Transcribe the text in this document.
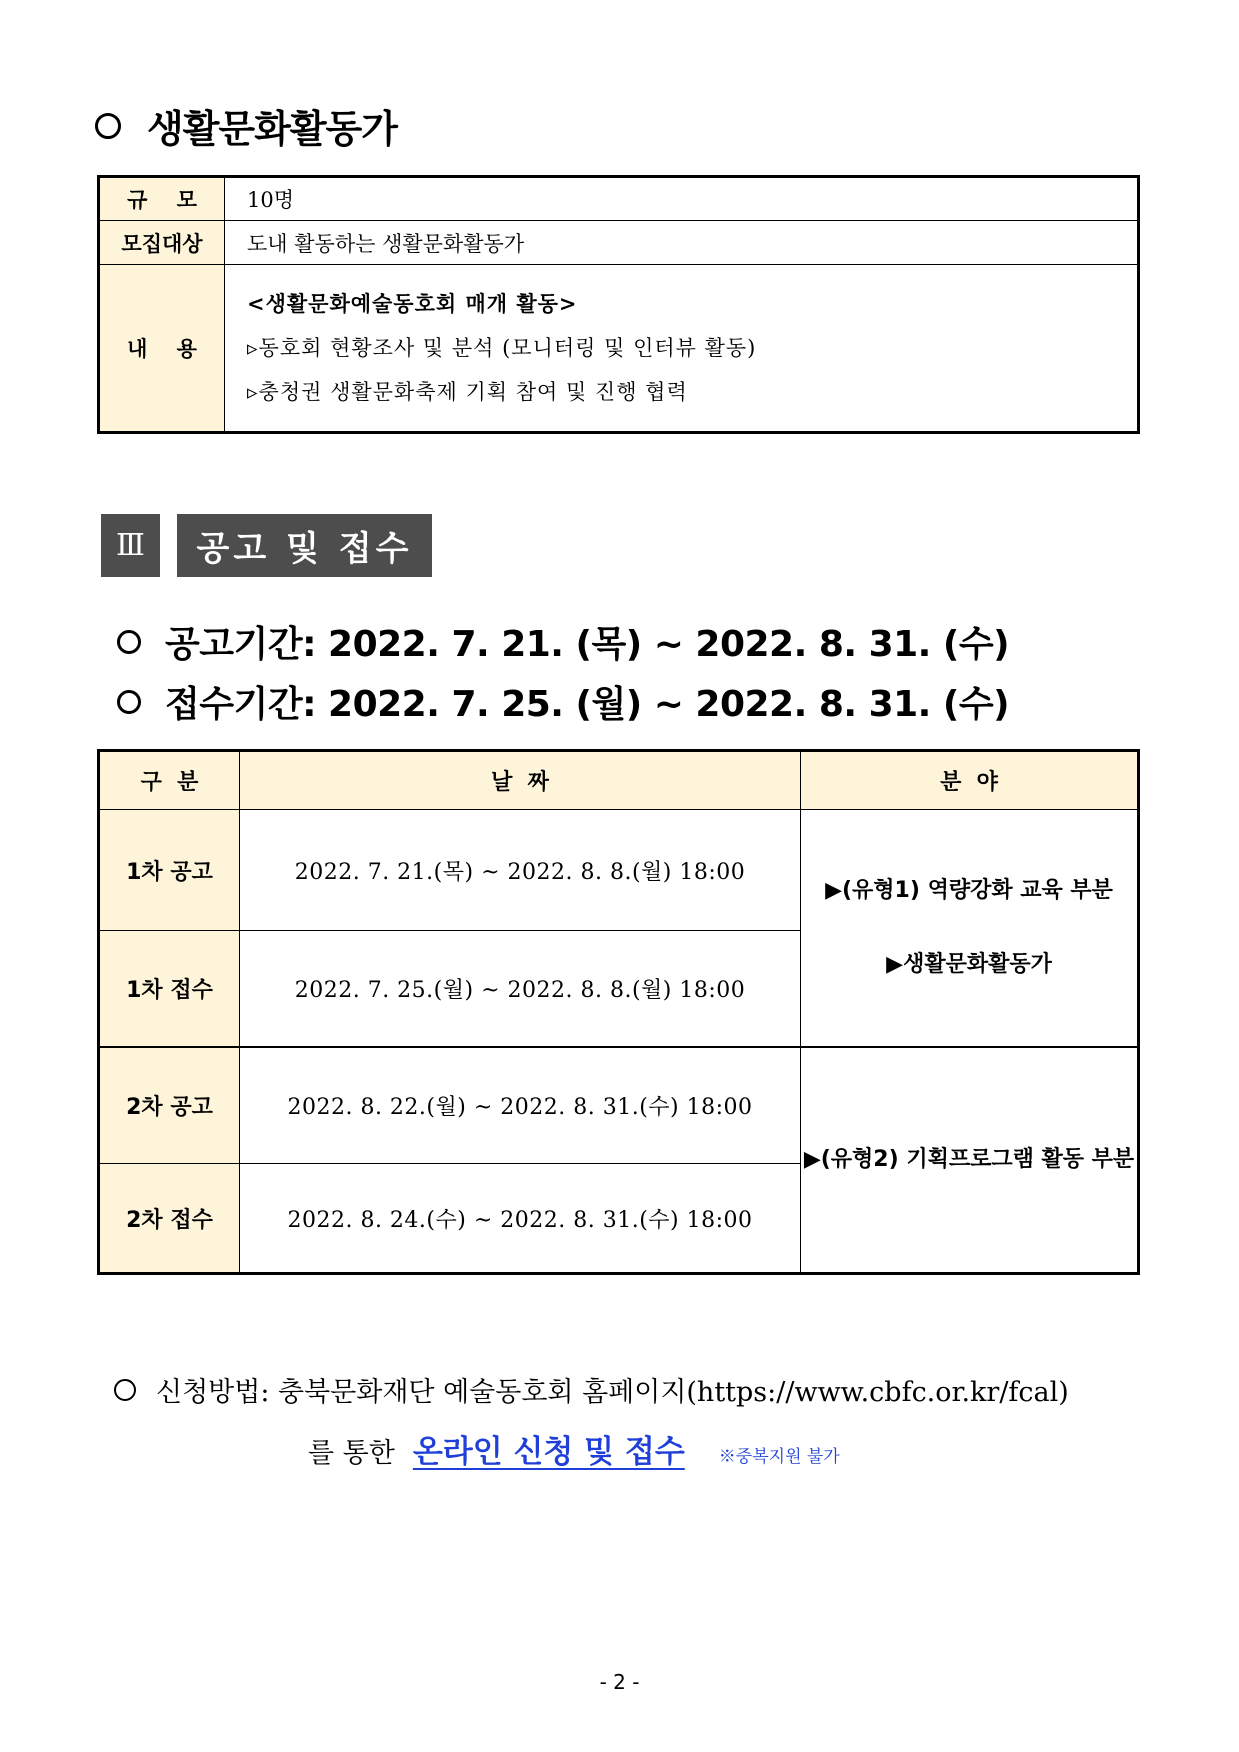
생활문화활동가
규    모	10명
모집대상	도내 활동하는 생활문화활동가
내    용	<생활문화예술동호회 매개 활동>
▹동호회 현황조사 및 분석 (모니터링 및 인터뷰 활동)
▹충청권 생활문화축제 기획 참여 및 진행 협력
Ⅲ	공고 및 접수
공고기간: 2022. 7. 21. (목) ~ 2022. 8. 31. (수)
접수기간: 2022. 7. 25. (월) ~ 2022. 8. 31. (수)
구  분	날  짜	분  야
1차 공고	2022. 7. 21.(목) ~ 2022. 8. 8.(월) 18:00	▶(유형1) 역량강화 교육 부분
▶생활문화활동가

1차 접수	2022. 7. 25.(월) ~ 2022. 8. 8.(월) 18:00	
2차 공고	2022. 8. 22.(월) ~ 2022. 8. 31.(수) 18:00	▶(유형2) 기획프로그램 활동 부분
2차 접수	2022. 8. 24.(수) ~ 2022. 8. 31.(수) 18:00	
신청방법: 충북문화재단 예술동호회 홈페이지(https://www.cbfc.or.kr/fcal)
를 통한 온라인 신청 및 접수	※중복지원 불가
- 2 -
